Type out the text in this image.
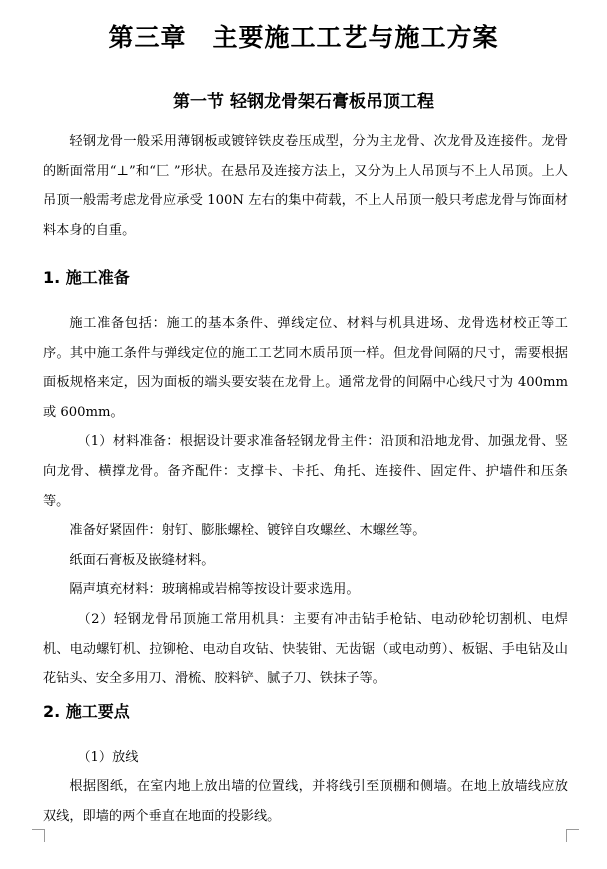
第三章　主要施工工艺与施工方案
第一节 轻钢龙骨架石膏板吊顶工程

轻钢龙骨一般采用薄钢板或镀锌铁皮卷压成型，分为主龙骨、次龙骨及连接件。龙骨的断面常用“⊥”和“匚 ”形状。在悬吊及连接方法上，又分为上人吊顶与不上人吊顶。上人吊顶一般需考虑龙骨应承受 100N 左右的集中荷载，不上人吊顶一般只考虑龙骨与饰面材料本身的自重。

1. 施工准备

施工准备包括：施工的基本条件、弹线定位、材料与机具进场、龙骨选材校正等工序。其中施工条件与弹线定位的施工工艺同木质吊顶一样。但龙骨间隔的尺寸，需要根据面板规格来定，因为面板的端头要安装在龙骨上。通常龙骨的间隔中心线尺寸为 400mm 或 600mm。

（1）材料准备：根据设计要求准备轻钢龙骨主件：沿顶和沿地龙骨、加强龙骨、竖向龙骨、横撑龙骨。备齐配件：支撑卡、卡托、角托、连接件、固定件、护墙件和压条等。

准备好紧固件：射钉、膨胀螺栓、镀锌自攻螺丝、木螺丝等。

纸面石膏板及嵌缝材料。

隔声填充材料：玻璃棉或岩棉等按设计要求选用。

（2）轻钢龙骨吊顶施工常用机具：主要有冲击钻手枪钻、电动砂轮切割机、电焊机、电动螺钉机、拉铆枪、电动自攻钻、快装钳、无齿锯（或电动剪）、板锯、手电钻及山花钻头、安全多用刀、滑梳、胶料铲、腻子刀、铁抹子等。

2. 施工要点
（1）放线

根据图纸，在室内地上放出墙的位置线，并将线引至顶棚和侧墙。在地上放墙线应放双线，即墙的两个垂直在地面的投影线。
